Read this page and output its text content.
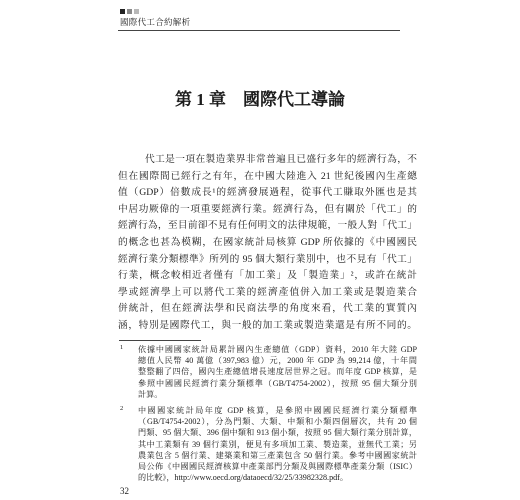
國際代工合約解析
第 1 章　國際代工導論
代工是一項在製造業界非常普遍且已盛行多年的經濟行為，不
但在國際間已經行之有年，在中國大陸進入 21 世紀後國內生產總
值（GDP）倍數成長¹的經濟發展過程，從事代工賺取外匯也是其
中居功厥偉的一項重要經濟行業。經濟行為，但有關於「代工」的
經濟行為，至目前卻不見有任何明文的法律規範，一般人對「代工」
的概念也甚為模糊，在國家統計局核算 GDP 所依據的《中國國民
經濟行業分類標準》所列的 95 個大類行業別中，也不見有「代工」
行業，概念較相近者僅有「加工業」及「製造業」²，或許在統計
學或經濟學上可以將代工業的經濟產值併入加工業或是製造業合
併統計，但在經濟法學和民商法學的角度來看，代工業的實質內
涵，特別是國際代工，與一般的加工業或製造業還是有所不同的。
1 依據中國國家統計局累計國內生產總值（GDP）資料，2010 年大陸 GDP
總值人民幣 40 萬億（397,983 億）元，2000 年 GDP 為 99,214 億，十年間
整整翻了四倍，國內生產總值增長速度居世界之冠。而年度 GDP 核算，是
參照中國國民經濟行業分類標準（GB/T4754-2002），按照 95 個大類分別
計算。
2 中國國家統計局年度 GDP 核算，是參照中國國民經濟行業分類標準
（GB/T4754-2002），分為門類、大類、中類和小類四個層次，共有 20 個
門類、95 個大類、396 個中類和 913 個小類，按照 95 個大類行業分別計算，
其中工業類有 39 個行業別，便見有多項加工業、製造業，並無代工業；另
農業包含 5 個行業、建築業和第三產業包含 50 個行業。參考中國國家統計
局公佈《中國國民經濟核算中產業部門分類及與國際標準產業分類（ISIC）
的比較》，http://www.oecd.org/dataoecd/32/25/33982328.pdf。
32
